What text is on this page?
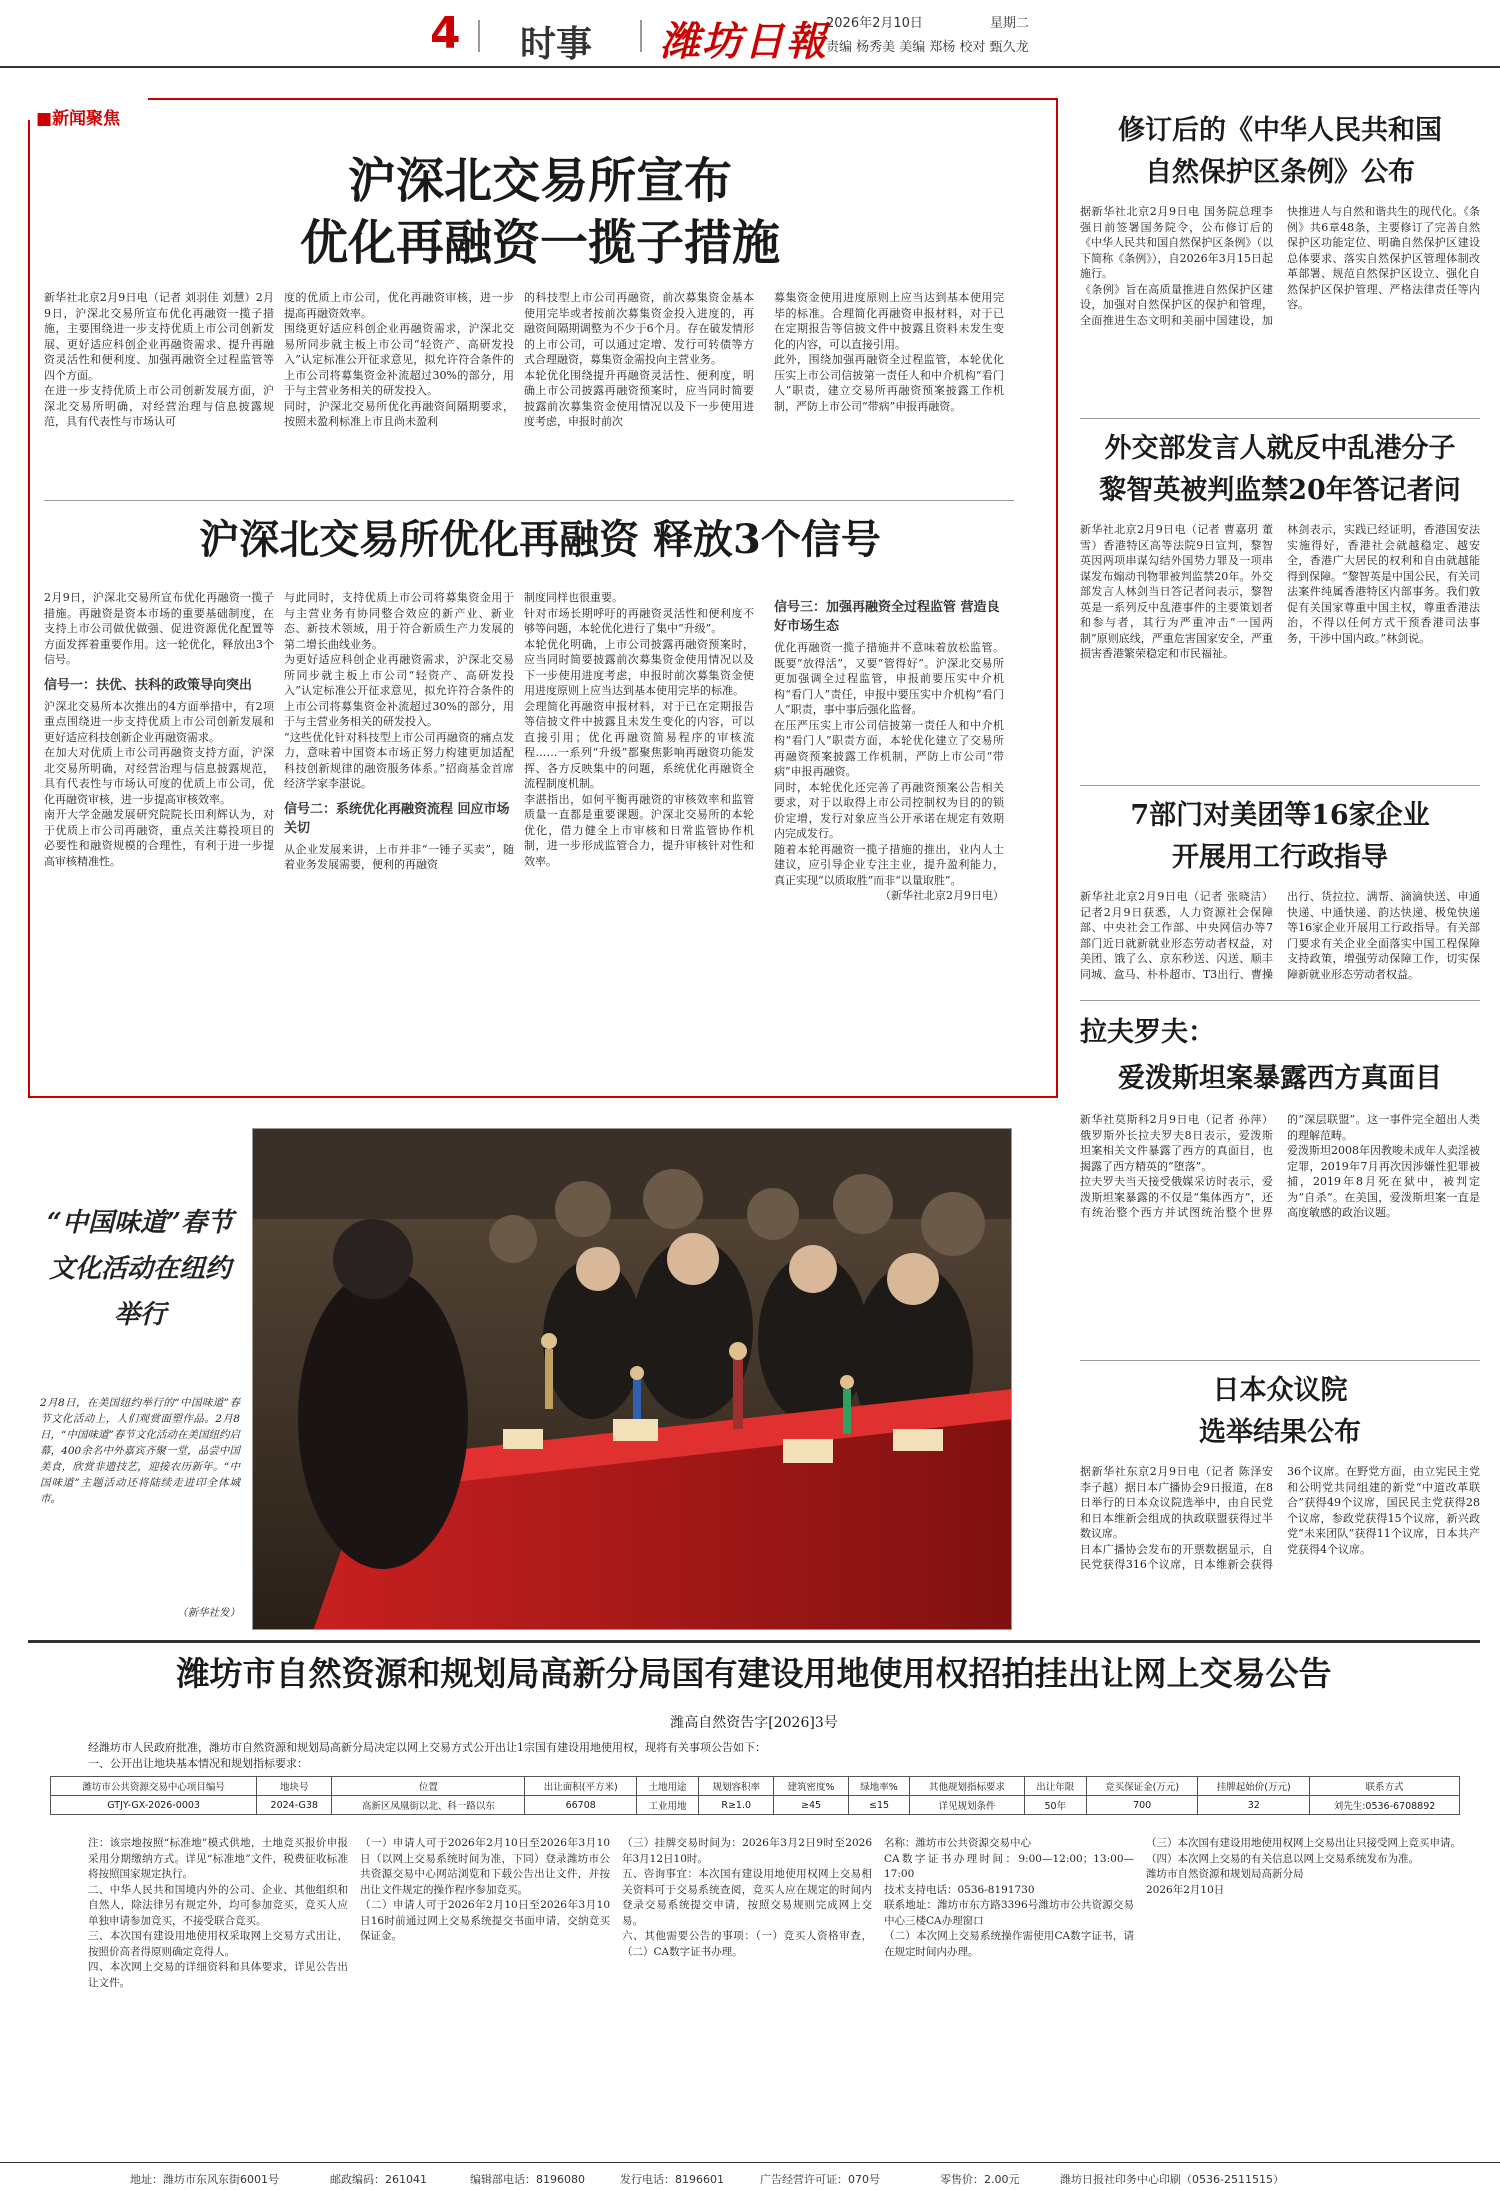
4 时事 潍坊日報
2026年2月10日	星期二
责编 杨秀美 美编 郑杨 校对 甄久龙
■新闻聚焦
沪深北交易所宣布
优化再融资一揽子措施
新华社北京2月9日电（记者 刘羽佳 刘慧）2月9日，沪深北交易所宣布优化再融资一揽子措施，主要围绕进一步支持优质上市公司创新发展、更好适应科创企业再融资需求、提升再融资灵活性和便利度、加强再融资全过程监管等四个方面。
在进一步支持优质上市公司创新发展方面，沪深北交易所明确，对经营治理与信息披露规范，具有代表性与市场认可
度的优质上市公司，优化再融资审核，进一步提高再融资效率。
围绕更好适应科创企业再融资需求，沪深北交易所同步就主板上市公司“轻资产、高研发投入”认定标准公开征求意见，拟允许符合条件的上市公司将募集资金补流超过30%的部分，用于与主营业务相关的研发投入。
同时，沪深北交易所优化再融资间隔期要求，按照未盈利标准上市且尚未盈利
的科技型上市公司再融资，前次募集资金基本使用完毕或者按前次募集资金投入进度的，再融资间隔期调整为不少于6个月。存在破发情形的上市公司，可以通过定增、发行可转债等方式合理融资，募集资金需投向主营业务。
本轮优化围绕提升再融资灵活性、便利度，明确上市公司披露再融资预案时，应当同时简要披露前次募集资金使用情况以及下一步使用进度考虑，申报时前次
募集资金使用进度原则上应当达到基本使用完毕的标准。合理简化再融资申报材料，对于已在定期报告等信披文件中披露且资料未发生变化的内容，可以直接引用。
此外，围绕加强再融资全过程监管，本轮优化压实上市公司信披第一责任人和中介机构“看门人”职责，建立交易所再融资预案披露工作机制，严防上市公司“带病”申报再融资。
沪深北交易所优化再融资 释放3个信号
2月9日，沪深北交易所宣布优化再融资一揽子措施。再融资是资本市场的重要基础制度，在支持上市公司做优做强、促进资源优化配置等方面发挥着重要作用。这一轮优化，释放出3个信号。
信号一：扶优、扶科的政策导向突出
沪深北交易所本次推出的4方面举措中，有2项重点围绕进一步支持优质上市公司创新发展和更好适应科技创新企业再融资需求。
在加大对优质上市公司再融资支持方面，沪深北交易所明确，对经营治理与信息披露规范，具有代表性与市场认可度的优质上市公司，优化再融资审核，进一步提高审核效率。
南开大学金融发展研究院院长田利辉认为，对于优质上市公司再融资，重点关注募投项目的必要性和融资规模的合理性，有利于进一步提高审核精准性。
与此同时，支持优质上市公司将募集资金用于与主营业务有协同整合效应的新产业、新业态、新技术领域，用于符合新质生产力发展的第二增长曲线业务。
为更好适应科创企业再融资需求，沪深北交易所同步就主板上市公司“轻资产、高研发投入”认定标准公开征求意见，拟允许符合条件的上市公司将募集资金补流超过30%的部分，用于与主营业务相关的研发投入。
“这些优化针对科技型上市公司再融资的痛点发力，意味着中国资本市场正努力构建更加适配科技创新规律的融资服务体系。”招商基金首席经济学家李湛说。
信号二：系统优化再融资流程 回应市场关切
从企业发展来讲，上市并非“一锤子买卖”，随着业务发展需要，便利的再融资
制度同样也很重要。
针对市场长期呼吁的再融资灵活性和便利度不够等问题，本轮优化进行了集中“升级”。
本轮优化明确，上市公司披露再融资预案时，应当同时简要披露前次募集资金使用情况以及下一步使用进度考虑，申报时前次募集资金使用进度原则上应当达到基本使用完毕的标准。
会理简化再融资申报材料，对于已在定期报告等信披文件中披露且未发生变化的内容，可以直接引用；优化再融资简易程序的审核流程……一系列“升级”都聚焦影响再融资功能发挥、各方反映集中的问题，系统优化再融资全流程制度机制。
李湛指出，如何平衡再融资的审核效率和监管质量一直都是重要课题。沪深北交易所的本轮优化，借力健全上市审核和日常监管协作机制，进一步形成监管合力，提升审核针对性和效率。
信号三：加强再融资全过程监管 营造良好市场生态
优化再融资一揽子措施并不意味着放松监管。既要“放得活”，又要“管得好”。沪深北交易所更加强调全过程监管，申报前要压实中介机构“看门人”责任，申报中要压实中介机构“看门人”职责，事中事后强化监督。
在压严压实上市公司信披第一责任人和中介机构“看门人”职责方面，本轮优化建立了交易所再融资预案披露工作机制，严防上市公司“带病”申报再融资。
同时，本轮优化还完善了再融资预案公告相关要求，对于以取得上市公司控制权为目的的锁价定增，发行对象应当公开承诺在规定有效期内完成发行。
随着本轮再融资一揽子措施的推出，业内人士建议，应引导企业专注主业，提升盈利能力，真正实现“以质取胜”而非“以量取胜”。
（新华社北京2月9日电）
“中国味道”春节文化活动在纽约举行
2月8日，在美国纽约举行的“中国味道”春节文化活动上，人们观赏面塑作品。2月8日，“中国味道”春节文化活动在美国纽约启幕，400余名中外嘉宾齐聚一堂，品尝中国美食，欣赏非遗技艺，迎接农历新年。“中国味道”主题活动还将陆续走进印全体城市。
（新华社发）
修订后的《中华人民共和国
自然保护区条例》公布
据新华社北京2月9日电 国务院总理李强日前签署国务院令，公布修订后的《中华人民共和国自然保护区条例》（以下简称《条例》），自2026年3月15日起施行。
《条例》旨在高质量推进自然保护区建设，加强对自然保护区的保护和管理，全面推进生态文明和美丽中国建设，加快推进人与自然和谐共生的现代化。《条例》共6章48条，主要修订了完善自然保护区功能定位、明确自然保护区建设总体要求、落实自然保护区管理体制改革部署、规范自然保护区设立、强化自然保护区保护管理、严格法律责任等内容。
外交部发言人就反中乱港分子
黎智英被判监禁20年答记者问
新华社北京2月9日电（记者 曹嘉玥 董雪）香港特区高等法院9日宣判，黎智英因两项串谋勾结外国势力罪及一项串谋发布煽动刊物罪被判监禁20年。外交部发言人林剑当日答记者问表示，黎智英是一系列反中乱港事件的主要策划者和参与者，其行为严重冲击“一国两制”原则底线，严重危害国家安全，严重损害香港繁荣稳定和市民福祉。
林剑表示，实践已经证明，香港国安法实施得好，香港社会就越稳定、越安全，香港广大居民的权利和自由就越能得到保障。“黎智英是中国公民，有关司法案件纯属香港特区内部事务。我们敦促有关国家尊重中国主权，尊重香港法治，不得以任何方式干预香港司法事务，干涉中国内政。”林剑说。
7部门对美团等16家企业
开展用工行政指导
新华社北京2月9日电（记者 张晓洁）记者2月9日获悉，人力资源社会保障部、中央社会工作部、中央网信办等7部门近日就新就业形态劳动者权益，对美团、饿了么、京东秒送、闪送、顺丰同城、盒马、朴朴超市、T3出行、曹操出行、货拉拉、满帮、滴滴快送、申通快递、中通快递、韵达快递、极兔快递等16家企业开展用工行政指导。有关部门要求有关企业全面落实中国工程保障支持政策，增强劳动保障工作，切实保障新就业形态劳动者权益。
拉夫罗夫：
爱泼斯坦案暴露西方真面目
新华社莫斯科2月9日电（记者 孙萍）俄罗斯外长拉夫罗夫8日表示，爱泼斯坦案相关文件暴露了西方的真面目，也揭露了西方精英的“堕落”。
拉夫罗夫当天接受俄媒采访时表示，爱泼斯坦案暴露的不仅是“集体西方”，还有统治整个西方并试图统治整个世界的“深层联盟”。这一事件完全超出人类的理解范畴。
爱泼斯坦2008年因教唆未成年人卖淫被定罪，2019年7月再次因涉嫌性犯罪被捕，2019年8月死在狱中，被判定为“自杀”。在美国，爱泼斯坦案一直是高度敏感的政治议题。
日本众议院
选举结果公布
据新华社东京2月9日电（记者 陈泽安 李子越）据日本广播协会9日报道，在8日举行的日本众议院选举中，由自民党和日本维新会组成的执政联盟获得过半数议席。
日本广播协会发布的开票数据显示，自民党获得316个议席，日本维新会获得36个议席。在野党方面，由立宪民主党和公明党共同组建的新党“中道改革联合”获得49个议席，国民民主党获得28个议席，参政党获得15个议席，新兴政党“未来团队”获得11个议席，日本共产党获得4个议席。
潍坊市自然资源和规划局高新分局国有建设用地使用权招拍挂出让网上交易公告
潍高自然资告字[2026]3号
经潍坊市人民政府批准，潍坊市自然资源和规划局高新分局决定以网上交易方式公开出让1宗国有建设用地使用权，现将有关事项公告如下：
一、公开出让地块基本情况和规划指标要求：
潍坊市公共资源交易中心项目编号	地块号	位置	出让面积(平方米)	土地用途	规划容积率	建筑密度%	绿地率%	其他规划指标要求	出让年限	竞买保证金(万元)	挂牌起始价(万元)	联系方式
GTJY-GX-2026-0003	2024-G38	高新区凤凰街以北、科一路以东	66708	工业用地	R≥1.0	≥45	≤15	详见规划条件	50年	700	32	刘先生:0536-6708892
注：该宗地按照“标准地”模式供地，土地竞买报价申报采用分期缴纳方式。详见“标准地”文件，税费征收标准将按照国家规定执行。
二、中华人民共和国境内外的公司、企业、其他组织和自然人，除法律另有规定外，均可参加竞买，竞买人应单独申请参加竞买，不接受联合竞买。
三、本次国有建设用地使用权采取网上交易方式出让，按照价高者得原则确定竞得人。
四、本次网上交易的详细资料和具体要求，详见公告出让文件。
（一）申请人可于2026年2月10日至2026年3月10日（以网上交易系统时间为准，下同）登录潍坊市公共资源交易中心网站浏览和下载公告出让文件，并按出让文件规定的操作程序参加竞买。
（二）申请人可于2026年2月10日至2026年3月10日16时前通过网上交易系统提交书面申请，交纳竞买保证金。
（三）挂牌交易时间为：2026年3月2日9时至2026年3月12日10时。
五、咨询事宜：本次国有建设用地使用权网上交易相关资料可于交易系统查阅，竞买人应在规定的时间内登录交易系统提交申请，按照交易规则完成网上交易。
六、其他需要公告的事项：（一）竞买人资格审查，（二）CA数字证书办理。
名称：潍坊市公共资源交易中心
CA数字证书办理时间：9:00—12:00；13:00—17:00
技术支持电话：0536-8191730
联系地址：潍坊市东方路3396号潍坊市公共资源交易中心三楼CA办理窗口
（二）本次网上交易系统操作需使用CA数字证书，请在规定时间内办理。
（三）本次国有建设用地使用权网上交易出让只接受网上竞买申请。
（四）本次网上交易的有关信息以网上交易系统发布为准。
潍坊市自然资源和规划局高新分局
2026年2月10日
地址：潍坊市东风东街6001号	邮政编码：261041	编辑部电话：8196080	发行电话：8196601	广告经营许可证：070号	零售价：2.00元	潍坊日报社印务中心印刷（0536-2511515）
